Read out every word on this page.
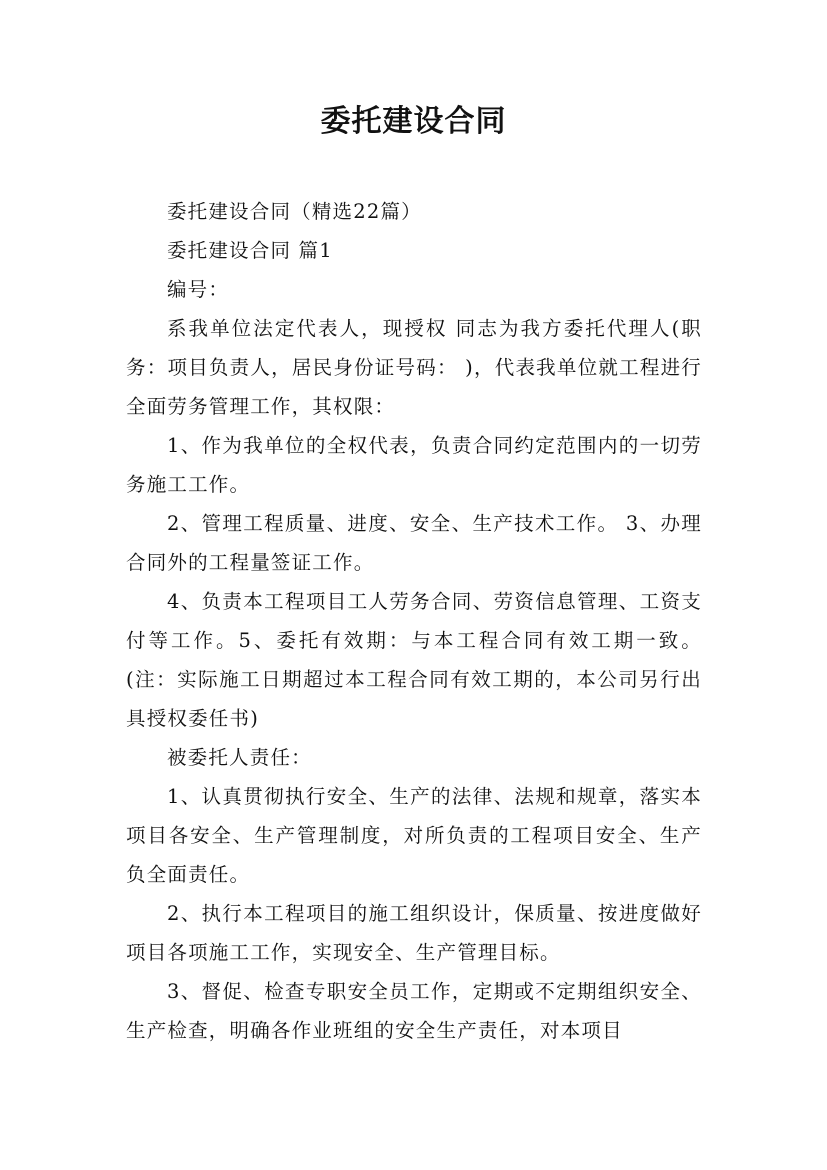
委托建设合同

委托建设合同（精选22篇）

委托建设合同 篇1

编号：

系我单位法定代表人，现授权 同志为我方委托代理人(职务：项目负责人，居民身份证号码： )，代表我单位就工程进行全面劳务管理工作，其权限：

1、作为我单位的全权代表，负责合同约定范围内的一切劳务施工工作。

2、管理工程质量、进度、安全、生产技术工作。 3、办理合同外的工程量签证工作。

4、负责本工程项目工人劳务合同、劳资信息管理、工资支付等工作。5、委托有效期：与本工程合同有效工期一致。(注：实际施工日期超过本工程合同有效工期的，本公司另行出具授权委任书)

被委托人责任：

1、认真贯彻执行安全、生产的法律、法规和规章，落实本项目各安全、生产管理制度，对所负责的工程项目安全、生产负全面责任。

2、执行本工程项目的施工组织设计，保质量、按进度做好项目各项施工工作，实现安全、生产管理目标。

3、督促、检查专职安全员工作，定期或不定期组织安全、生产检查，明确各作业班组的安全生产责任，对本项目
